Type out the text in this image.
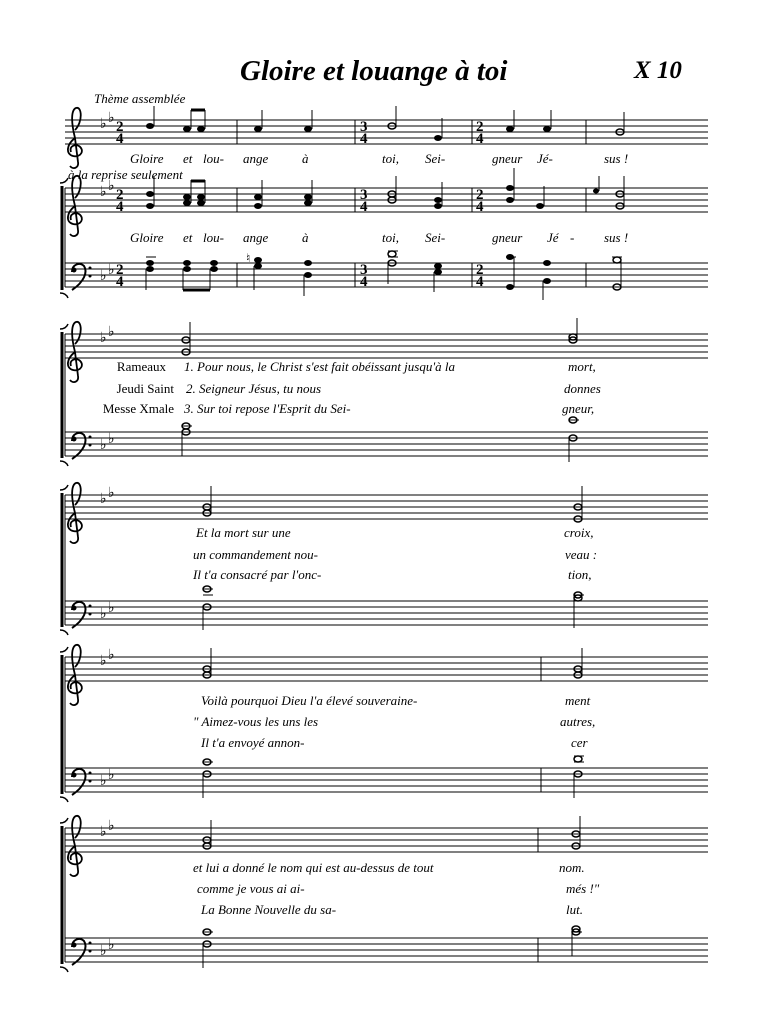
Gloire et louange à toi	X 10
♭ ♭
2
4
3
4
2
4
♭ ♭
2
4
3
4
2
4
♭ ♭ 2
4
3
4
2
4
♮
♭ ♭
♭ ♭
♭ ♭
♭ ♭
♭ ♭
♭ ♭
♭ ♭
♭ ♭
Thème assemblée
à la reprise seulement
Gloire et lou- ange	à	toi, Sei-	gneur Jé-	sus !
Gloire et lou- ange	à	toi, Sei-	gneur Jé - sus !
Rameaux
Jeudi Saint
Messe Xmale
1. Pour nous, le Christ s'est fait obéissant jusqu'à la	mort,
2. Seigneur Jésus, tu nous	donnes
3. Sur toi repose l'Esprit du Sei-	gneur,
Et la mort sur une	croix,
un commandement nou-	veau :
Il t'a consacré par l'onc-	tion,
Voilà pourquoi Dieu l'a élevé souveraine-	ment
" Aimez-vous les uns les	autres,
Il t'a envoyé annon-	cer
et lui a donné le nom qui est au-dessus de tout	nom.
comme je vous ai ai-	més !"
La Bonne Nouvelle du sa-	lut.
